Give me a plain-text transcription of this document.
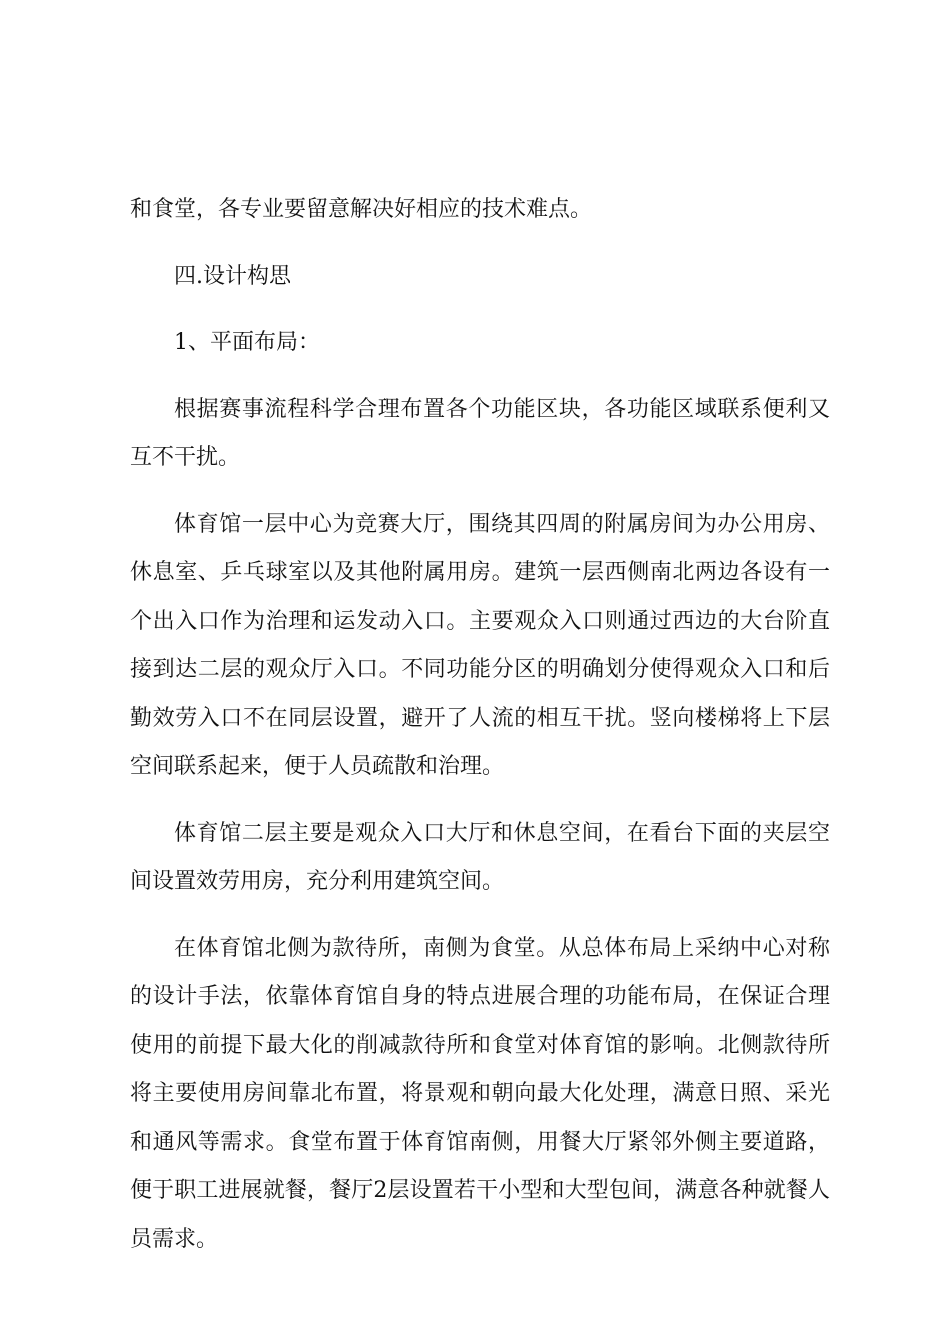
和食堂，各专业要留意解决好相应的技术难点。

四.设计构思

1、平面布局：

根据赛事流程科学合理布置各个功能区块，各功能区域联系便利又互不干扰。

体育馆一层中心为竞赛大厅，围绕其四周的附属房间为办公用房、休息室、乒乓球室以及其他附属用房。建筑一层西侧南北两边各设有一个出入口作为治理和运发动入口。主要观众入口则通过西边的大台阶直接到达二层的观众厅入口。不同功能分区的明确划分使得观众入口和后勤效劳入口不在同层设置，避开了人流的相互干扰。竖向楼梯将上下层空间联系起来，便于人员疏散和治理。

体育馆二层主要是观众入口大厅和休息空间，在看台下面的夹层空间设置效劳用房，充分利用建筑空间。

在体育馆北侧为款待所，南侧为食堂。从总体布局上采纳中心对称的设计手法，依靠体育馆自身的特点进展合理的功能布局，在保证合理使用的前提下最大化的削减款待所和食堂对体育馆的影响。北侧款待所将主要使用房间靠北布置，将景观和朝向最大化处理，满意日照、采光和通风等需求。食堂布置于体育馆南侧，用餐大厅紧邻外侧主要道路，便于职工进展就餐，餐厅2层设置若干小型和大型包间，满意各种就餐人员需求。
